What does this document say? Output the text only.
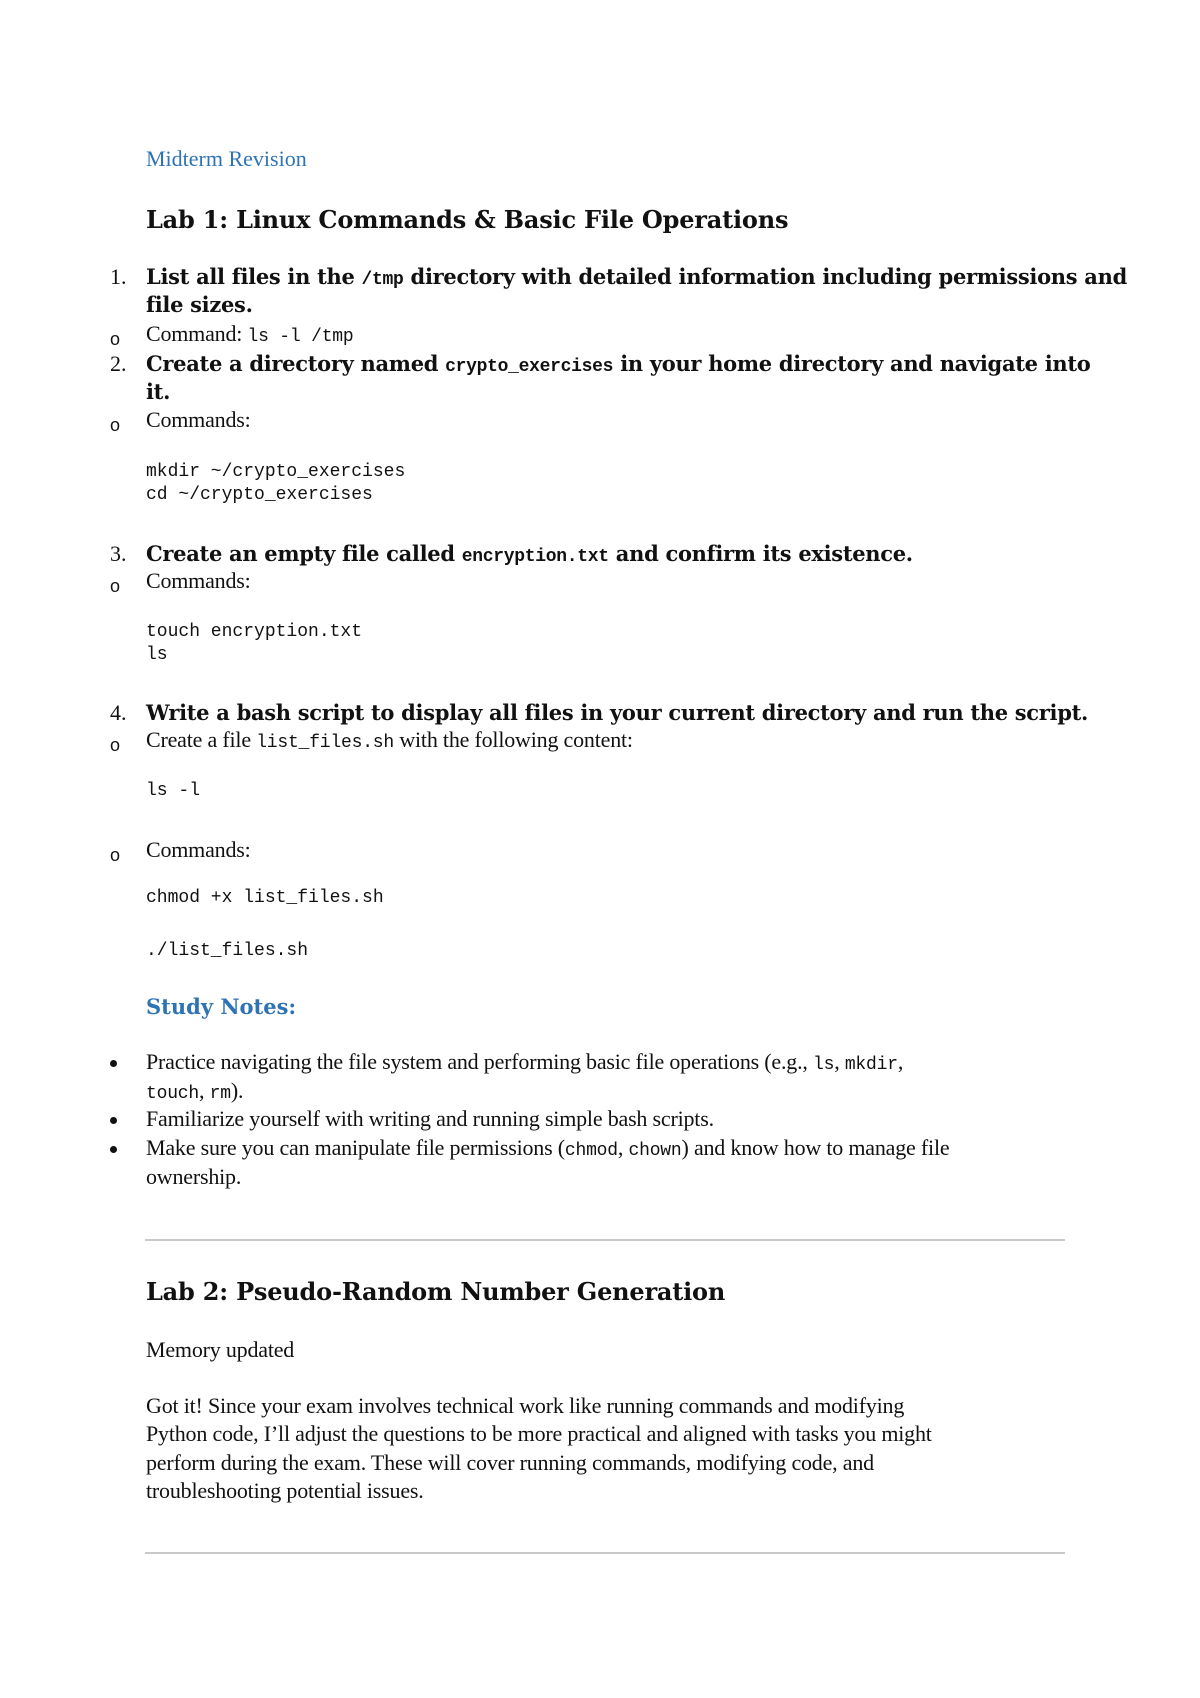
Midterm Revision
Lab 1: Linux Commands & Basic File Operations
1. List all files in the /tmp directory with detailed information including permissions and
file sizes.
o Command: ls -l /tmp
2. Create a directory named crypto_exercises in your home directory and navigate into
it.
o Commands:
mkdir ~/crypto_exercises
cd ~/crypto_exercises
3. Create an empty file called encryption.txt and confirm its existence.
o Commands:
touch encryption.txt
ls
4. Write a bash script to display all files in your current directory and run the script.
o Create a file list_files.sh with the following content:
ls -l
o Commands:
chmod +x list_files.sh
./list_files.sh
Study Notes:
Practice navigating the file system and performing basic file operations (e.g., ls, mkdir,
touch, rm).
Familiarize yourself with writing and running simple bash scripts.
Make sure you can manipulate file permissions (chmod, chown) and know how to manage file
ownership.
Lab 2: Pseudo-Random Number Generation
Memory updated
Got it! Since your exam involves technical work like running commands and modifying
Python code, I’ll adjust the questions to be more practical and aligned with tasks you might
perform during the exam. These will cover running commands, modifying code, and
troubleshooting potential issues.
